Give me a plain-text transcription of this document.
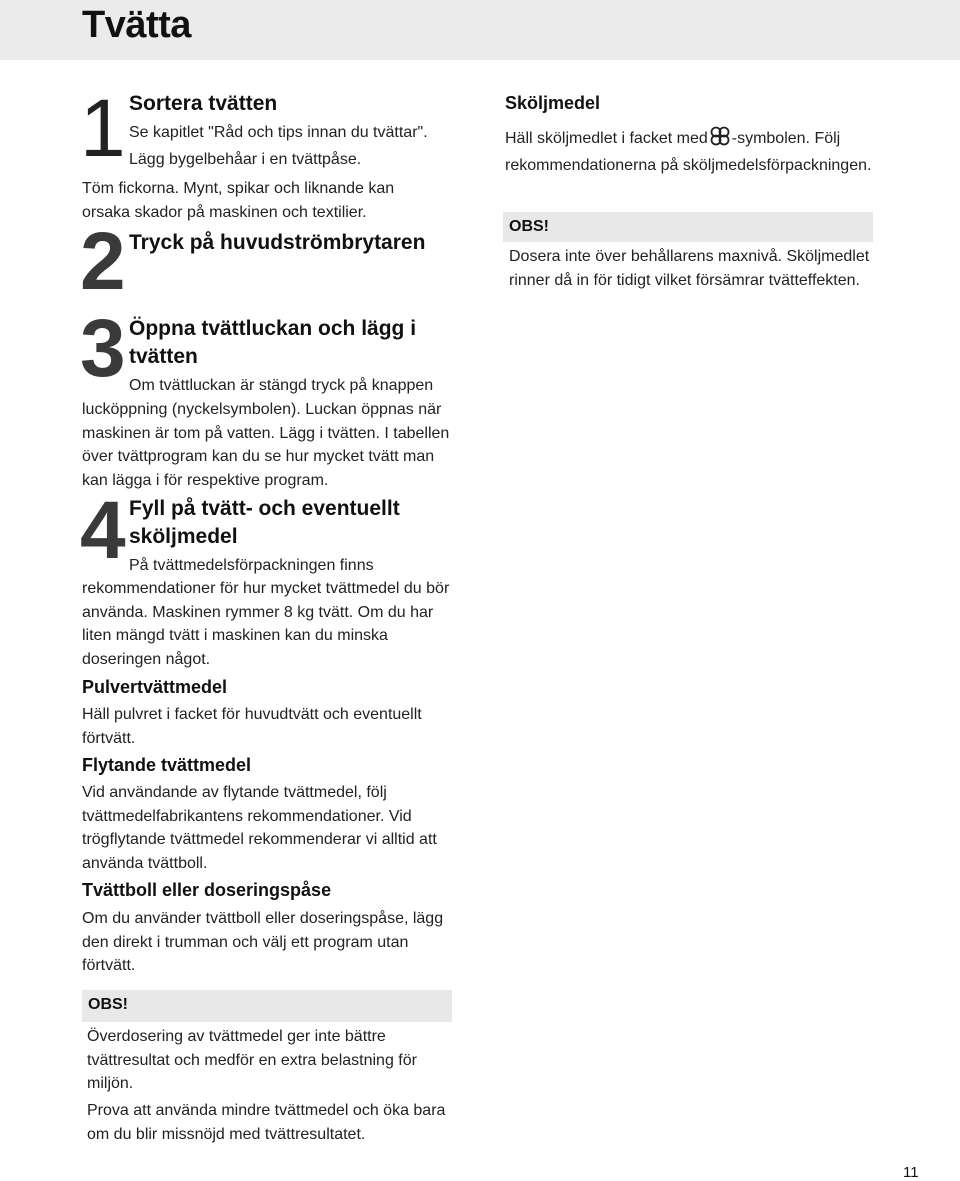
Tvätta
1 Sortera tvätten
Se kapitlet "Råd och tips innan du tvättar".
Lägg bygelbehåar i en tvättpåse.
Töm fickorna. Mynt, spikar och liknande kan orsaka skador på maskinen och textilier.
2 Tryck på huvudströmbrytaren
3 Öppna tvättluckan och lägg i
tvätten
Om tvättluckan är stängd tryck på knappen
lucköppning (nyckelsymbolen). Luckan öppnas när maskinen är tom på vatten. Lägg i tvätten. I tabellen över tvättprogram kan du se hur mycket tvätt man kan lägga i för respektive program.
4 Fyll på tvätt- och eventuellt
sköljmedel
På tvättmedelsförpackningen finns
rekommendationer för hur mycket tvättmedel du bör använda. Maskinen rymmer 8 kg tvätt. Om du har liten mängd tvätt i maskinen kan du minska doseringen något.
Pulvertvättmedel
Häll pulvret i facket för huvudtvätt och eventuellt förtvätt.
Flytande tvättmedel
Vid användande av flytande tvättmedel, följ tvättmedelfabrikantens rekommendationer. Vid trögflytande tvättmedel rekommenderar vi alltid att använda tvättboll.
Tvättboll eller doseringspåse
Om du använder tvättboll eller doseringspåse, lägg den direkt i trumman och välj ett program utan förtvätt.
OBS!
Överdosering av tvättmedel ger inte bättre tvättresultat och medför en extra belastning för miljön.
Prova att använda mindre tvättmedel och öka bara om du blir missnöjd med tvättresultatet.
Sköljmedel
Häll sköljmedlet i facket med -symbolen. Följ rekommendationerna på sköljmedelsförpackningen.
OBS!
Dosera inte över behållarens maxnivå. Sköljmedlet rinner då in för tidigt vilket försämrar tvätteffekten.
11
